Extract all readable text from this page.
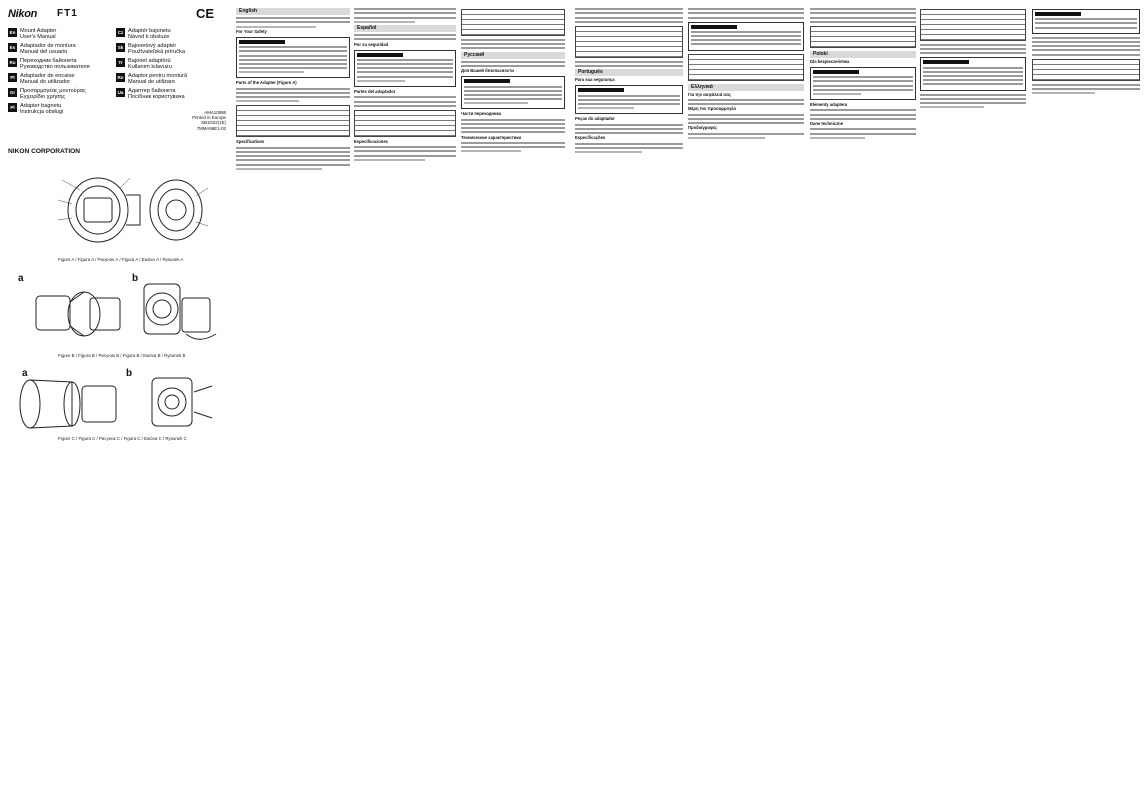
Nikon FT1	CE
En Mount Adapter
User's Manual
Es Adaptador de montura
Manual del usuario
Ru Переходник байонета
Руководство пользователя
Pt Adaptador de encaixe
Manual do utilizador
Gr Προσαρμογέας μοντούρας
Εγχειρίδιο χρήσης
Pl Adapter bagnetu
Instrukcja obsługi
Cz Adaptér bajonetu
Návod k obsluze
Sk Bajonetový adaptér
Používateľská príručka
Tr Bajonet adaptörü
Kullanım kılavuzu
Ro Adaptor pentru montură
Manual de utilizare
Ua Адаптер байонета
Посібник користувача
AMA10598
Printed in Europe
SB1G02(1E)
7MMA96E1-02
NIKON CORPORATION
Figure A / Figura A / Рисунок А / Figura A / Εικόνα A / Rysunek A
a	b
Figure B / Figura B / Рисунок B / Figura B / Εικόνα B / Rysunek B
a	b
Figure C / Figura C / Рисунок C / Figura C / Εικόνα C / Rysunek C
English
For Your Safety
Parts of the Adapter (Figure A)
Specifications
Español
Por su seguridad
Partes del adaptador
Especificaciones
Русский
Для Вашей безопасности
Части переходника
Технические характеристики
Português
Para sua segurança
Peças do adaptador
Especificações
Ελληνικά
Για την ασφάλειά σας
Μέρη του προσαρμογέα
Προδιαγραφές
Polski
Dla bezpieczeństwa
Elementy adaptera
Dane techniczne
